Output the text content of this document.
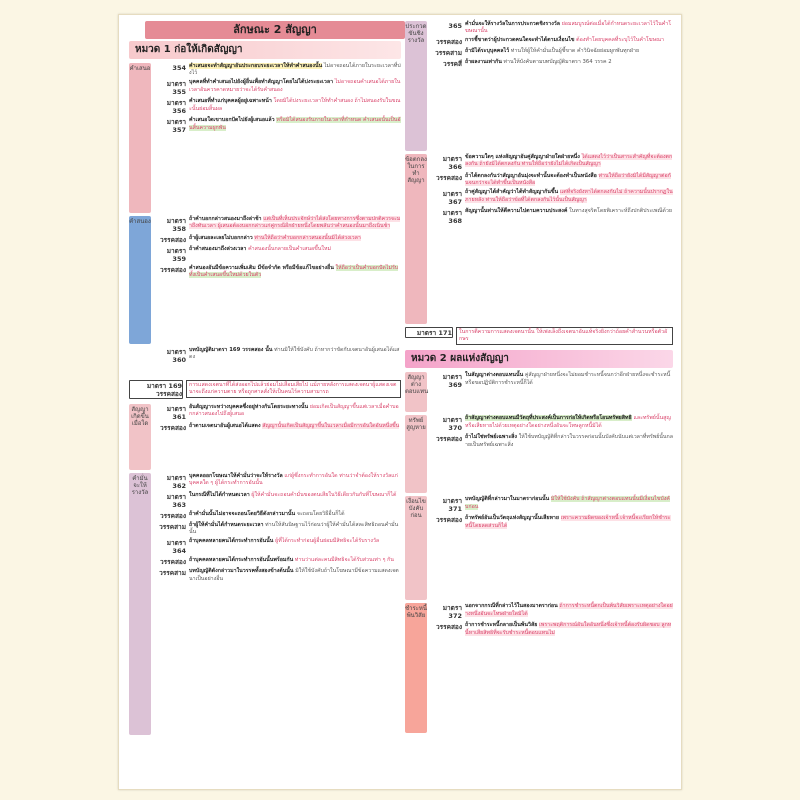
ลักษณะ 2 สัญญา
หมวด 1 ก่อให้เกิดสัญญา
คำเสนอ	354 คำเสนอจะทำสัญญาอันประกอบระยะเวลาให้ทำคำสนองนั้น ไม่อาจถอนได้ภายในระยะเวลาที่บ่งไว้
มาตรา 355
บุคคลที่ทำคำเสนอไปยังผู้อื่นเพื่อทำสัญญาโดยไม่ได้บ่งระยะเวลา ไม่อาจถอนคำเสนอได้ภายในเวลาอันควรคาดหมายว่าจะได้รับคำสนอง
มาตรา 356
คำเสนอที่ทำแก่บุคคลผู้อยู่เฉพาะหน้า โดยมิได้บ่งระยะเวลาให้ทำคำสนอง ถ้าไม่สนองรับในขณะนั้นย่อมสิ้นผล
มาตรา 357
คำเสนอใดเขาบอกปัดไปยังผู้เสนอแล้ว หรือมิได้สนองรับภายในเวลาที่กำหนด คำเสนอนั้นเป็นอันสิ้นความผูกพัน
คำสนอง	มาตรา 358
ถ้าคำบอกกล่าวสนองมาถึงล่าช้า แต่เป็นที่เห็นประจักษ์ว่าได้ส่งโดยทางการซึ่งตามปกติควรจะมาถึงทันเวลา ผู้เสนอต้องบอกกล่าวแก่คู่กรณีอีกฝ่ายหนึ่งโดยพลันว่าคำสนองนั้นมาถึงเนิ่นช้า
วรรคสอง ถ้าผู้เสนอละเลยไม่บอกกล่าว ท่านให้ถือว่าคำบอกกล่าวสนองนั้นมิได้ล่วงเวลา
มาตรา 359
ถ้าคำสนองมาถึงล่วงเวลา คำสนองนั้นกลายเป็นคำเสนอขึ้นใหม่
วรรคสอง คำสนองอันมีข้อความเพิ่มเติม มีข้อจำกัด หรือมีข้อแก้ไขอย่างอื่น ให้ถือว่าเป็นคำบอกปัดไม่รับ ทั้งเป็นคำเสนอขึ้นใหม่ด้วยในตัว
มาตรา 360
บทบัญญัติมาตรา 169 วรรคสอง นั้น ท่านมิให้ใช้บังคับ ถ้าหากว่าขัดกับเจตนาอันผู้เสนอได้แสดง
มาตรา 169 วรรคสอง
การแสดงเจตนาที่ได้ส่งออกไปแล้วย่อมไม่เสื่อมเสียไป แม้ภายหลังการแสดงเจตนาผู้แสดงเจตนาจะถึงแก่ความตาย หรือถูกศาลสั่งให้เป็นคนไร้ความสามารถ
สัญญาเกิดขึ้นเมื่อใด
มาตรา 361
อันสัญญาระหว่างบุคคลซึ่งอยู่ห่างกันโดยระยะทางนั้น ย่อมเกิดเป็นสัญญาขึ้นแต่เวลาเมื่อคำบอกกล่าวสนองไปถึงผู้เสนอ
วรรคสอง ถ้าตามเจตนาอันผู้เสนอได้แสดง สัญญานั้นเกิดเป็นสัญญาขึ้นในเวลาเมื่อมีการอันใดอันหนึ่งขึ้น
คำมั่นจะให้รางวัล
มาตรา 362
บุคคลออกโฆษณาให้คำมั่นว่าจะให้รางวัล แก่ผู้ซึ่งกระทำการอันใด ท่านว่าจำต้องให้รางวัลแก่บุคคลใด ๆ ผู้ได้กระทำการอันนั้น
มาตรา 363
ในกรณีที่ไม่ได้กำหนดเวลา ผู้ให้คำมั่นจะถอนคำมั่นของตนเสียในวิธีเดียวกันกับที่โฆษณาก็ได้
วรรคสอง ถ้าคำมั่นนั้นไม่อาจจะถอนโดยวิธีดังกล่าวมานั้น จะถอนโดยวิธีอื่นก็ได้
วรรคสาม ถ้าผู้ให้คำมั่นได้กำหนดระยะเวลา ท่านให้สันนิษฐานไว้ก่อนว่าผู้ให้คำมั่นได้สละสิทธิถอนคำมั่นนั้น
มาตรา 364
ถ้าบุคคลหลายคนได้กระทำการอันนั้น ผู้ที่ได้กระทำก่อนผู้อื่นย่อมมีสิทธิจะได้รับรางวัล
วรรคสอง ถ้าบุคคลหลายคนได้กระทำการอันนั้นพร้อมกัน ท่านว่าแต่ละคนมีสิทธิจะได้รับส่วนเท่า ๆ กัน
วรรคสาม บทบัญญัติดังกล่าวมาในวรรคทั้งสองข้างต้นนั้น มิให้ใช้บังคับถ้าในโฆษณามีข้อความแสดงเจตนาเป็นอย่างอื่น
ประกวดขันชิงรางวัล
365 คำมั่นจะให้รางวัลในการประกวดชิงรางวัล ย่อมสมบูรณ์ต่อเมื่อได้กำหนดระยะเวลาไว้ในคำโฆษณานั้น
วรรคสอง การชี้ขาดว่าผู้ประกวดคนใดจะทำได้ตามเงื่อนไข ต้องทำโดยบุคคลที่ระบุไว้ในคำโฆษณา
วรรคสาม ถ้ามิได้ระบุบุคคลไว้ ท่านให้ผู้ให้คำมั่นเป็นผู้ชี้ขาด คำวินิจฉัยย่อมผูกพันทุกฝ่าย
วรรคสี่ ถ้าผลงานเท่ากัน ท่านให้บังคับตามบทบัญญัติมาตรา 364 วรรค 2
ข้อตกลงในการทำสัญญา
มาตรา 366
ข้อความใดๆ แห่งสัญญาอันคู่สัญญาฝ่ายใดฝ่ายหนึ่ง ได้แสดงไว้ว่าเป็นสาระสำคัญที่จะต้องตกลงกัน ถ้ายังมิได้ตกลงกัน ท่านให้ถือว่ายังไม่ได้เกิดเป็นสัญญา
วรรคสอง ถ้าได้ตกลงกันว่าสัญญาอันมุ่งจะทำนั้นจะต้องทำเป็นหนังสือ ท่านให้ถือว่ายังมิได้มีสัญญาต่อกันจนกว่าจะได้ทำขึ้นเป็นหนังสือ
มาตรา 367
ถ้าคู่สัญญาได้สำคัญว่าได้ทำสัญญากันขึ้น แต่ที่จริงยังหาได้ตกลงกันไม่ ถ้าความนั้นปรากฏในภายหลัง ท่านให้ถือว่าข้อที่ได้ตกลงกันไว้นั้นเป็นสัญญา
มาตรา 368
สัญญานั้นท่านให้ตีความไปตามความประสงค์ ในทางสุจริตโดยพิเคราะห์ถึงปกติประเพณีด้วย
มาตรา 171	ในการตีความการแสดงเจตนานั้น ให้เพ่งเล็งถึงเจตนาอันแท้จริงยิ่งกว่าถ้อยคำสำนวนหรือตัวอักษร
หมวด 2 ผลแห่งสัญญา
สัญญาต่างตอบแทน
มาตรา 369
ในสัญญาต่างตอบแทนนั้น คู่สัญญาฝ่ายหนึ่งจะไม่ยอมชำระหนี้จนกว่าอีกฝ่ายหนึ่งจะชำระหนี้ หรือขอปฏิบัติการชำระหนี้ก็ได้
ทรัพย์สูญหาย
มาตรา 370
ถ้าสัญญาต่างตอบแทนมีวัตถุที่ประสงค์เป็นการก่อให้เกิดหรือโอนทรัพยสิทธิ และทรัพย์นั้นสูญหรือเสียหายไปด้วยเหตุอย่างใดอย่างหนึ่งอันจะโทษลูกหนี้มิได้
วรรคสอง ถ้าไม่ใช่ทรัพย์เฉพาะสิ่ง ให้ใช้บทบัญญัติที่กล่าวในวรรคก่อนนั้นบังคับนับแต่เวลาที่ทรัพย์นั้นกลายเป็นทรัพย์เฉพาะสิ่ง
เงื่อนไขบังคับก่อน
มาตรา 371
บทบัญญัติที่กล่าวมาในมาตราก่อนนั้น มิให้ใช้บังคับ ถ้าสัญญาต่างตอบแทนนั้นมีเงื่อนไขบังคับก่อน
วรรคสอง ถ้าทรัพย์อันเป็นวัตถุแห่งสัญญานั้นเสียหาย เพราะความผิดของเจ้าหนี้ เจ้าหนี้จะเรียกให้ชำระหนี้โดยลดส่วนก็ได้
ชำระหนี้พ้นวิสัย
มาตรา 372
นอกจากกรณีที่กล่าวไว้ในสองมาตราก่อน ถ้าการชำระหนี้ตกเป็นพ้นวิสัยเพราะเหตุอย่างใดอย่างหนึ่งอันจะโทษฝ่ายใดมิได้
วรรคสอง ถ้าการชำระหนี้กลายเป็นพ้นวิสัย เพราะพฤติการณ์อันใดอันหนึ่งซึ่งเจ้าหนี้ต้องรับผิดชอบ ลูกหนี้หาเสียสิทธิที่จะรับชำระหนี้ตอบแทนไม่
